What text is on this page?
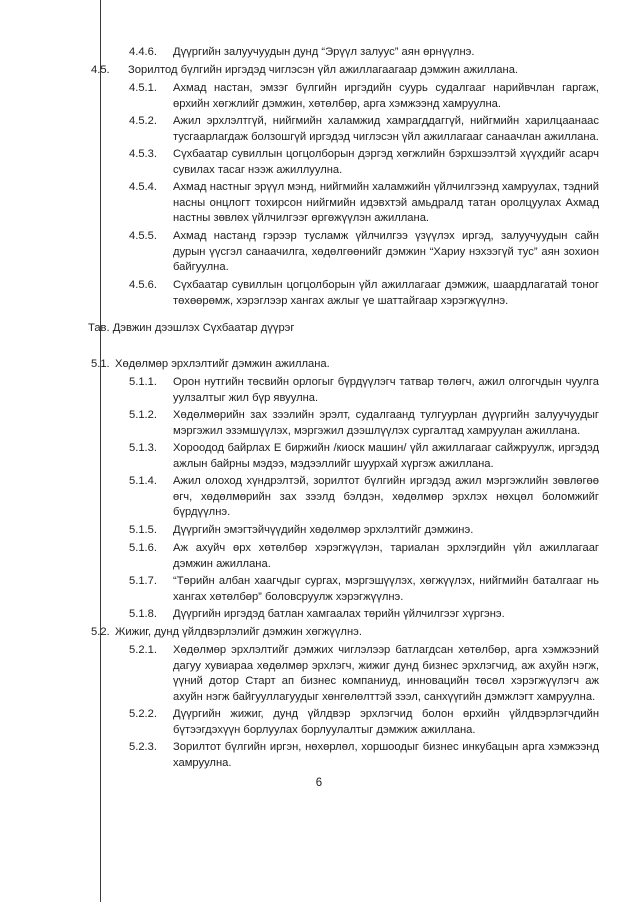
4.4.6.	Дүүргийн залуучуудын дунд “Эрүүл залуус” аян өрнүүлнэ.
4.5.	Зорилтод бүлгийн иргэдэд чиглэсэн үйл ажиллагаагаар дэмжин ажиллана.
4.5.1.	Ахмад настан, эмзэг бүлгийн иргэдийн суурь судалгааг нарийвчлан гаргаж, өрхийн хөгжлийг дэмжин, хөтөлбөр, арга хэмжээнд хамруулна.
4.5.2.	Ажил эрхлэлтгүй, нийгмийн халамжид хамрагддаггүй, нийгмийн харилцаанаас тусгаарлагдаж болзошгүй иргэдэд чиглэсэн үйл ажиллагааг санаачлан ажиллана.
4.5.3.	Сүхбаатар сувиллын цогцолборын дэргэд хөгжлийн бэрхшээлтэй хүүхдийг асарч сувилах тасаг нээж ажиллуулна.
4.5.4.	Ахмад настныг эрүүл мэнд, нийгмийн халамжийн үйлчилгээнд хамруулах, тэдний насны онцлогт тохирсон нийгмийн идэвхтэй амьдралд татан оролцуулах Ахмад настны зөвлөх үйлчилгээг өргөжүүлэн ажиллана.
4.5.5.	Ахмад настанд гэрээр тусламж үйлчилгээ үзүүлэх иргэд, залуучуудын сайн дурын үүсгэл санаачилга, хөдөлгөөнийг дэмжин “Хариу нэхээгүй тус” аян зохион байгуулна.
4.5.6.	Сүхбаатар сувиллын цогцолборын үйл ажиллагааг дэмжиж, шаардлагатай тоног төхөөрөмж, хэрэглээр хангах ажлыг үе шаттайгаар хэрэгжүүлнэ.
Тав. Дэвжин дээшлэх Сүхбаатар дүүрэг
5.1. Хөдөлмөр эрхлэлтийг дэмжин ажиллана.
5.1.1.	Орон нутгийн төсвийн орлогыг бүрдүүлэгч татвар төлөгч, ажил олгогчдын чуулга уулзалтыг жил бүр явуулна.
5.1.2.	Хөдөлмөрийн зах зээлийн эрэлт, судалгаанд тулгуурлан дүүргийн залуучуудыг мэргэжил эзэмшүүлэх, мэргэжил дээшлүүлэх сургалтад хамруулан ажиллана.
5.1.3.	Хороодод байрлах Е биржийн /киоск машин/ үйл ажиллагааг сайжруулж, иргэдэд ажлын байрны мэдээ, мэдээллийг шуурхай хүргэж ажиллана.
5.1.4.	Ажил олоход хүндрэлтэй, зорилтот бүлгийн иргэдэд ажил мэргэжлийн зөвлөгөө өгч, хөдөлмөрийн зах зээлд бэлдэн, хөдөлмөр эрхлэх нөхцөл боломжийг бүрдүүлнэ.
5.1.5.	Дүүргийн эмэгтэйчүүдийн хөдөлмөр эрхлэлтийг дэмжинэ.
5.1.6.	Аж ахуйч өрх хөтөлбөр хэрэгжүүлэн, тариалан эрхлэгдийн үйл ажиллагааг дэмжин ажиллана.
5.1.7.	“Төрийн албан хаагчдыг сургах, мэргэшүүлэх, хөгжүүлэх, нийгмийн баталгааг нь хангах хөтөлбөр” боловсруулж хэрэгжүүлнэ.
5.1.8.	Дүүргийн иргэдэд батлан хамгаалах төрийн үйлчилгээг хүргэнэ.
5.2. Жижиг, дунд үйлдвэрлэлийг дэмжин хөгжүүлнэ.
5.2.1.	Хөдөлмөр эрхлэлтийг дэмжих чиглэлээр батлагдсан хөтөлбөр, арга хэмжээний дагуу хувиараа хөдөлмөр эрхлэгч, жижиг дунд бизнес эрхлэгчид, аж ахуйн нэгж, үүний дотор Старт ап бизнес компаниуд, инновацийн төсөл хэрэгжүүлэгч аж ахуйн нэгж байгууллагуудыг хөнгөлөлттэй зээл, санхүүгийн дэмжлэгт хамруулна.
5.2.2.	Дүүргийн жижиг, дунд үйлдвэр эрхлэгчид болон өрхийн үйлдвэрлэгчдийн бүтээгдэхүүн борлуулах борлуулалтыг дэмжиж ажиллана.
5.2.3.	Зорилтот бүлгийн иргэн, нөхөрлөл, хоршоодыг бизнес инкубацын арга хэмжээнд хамруулна.
6
